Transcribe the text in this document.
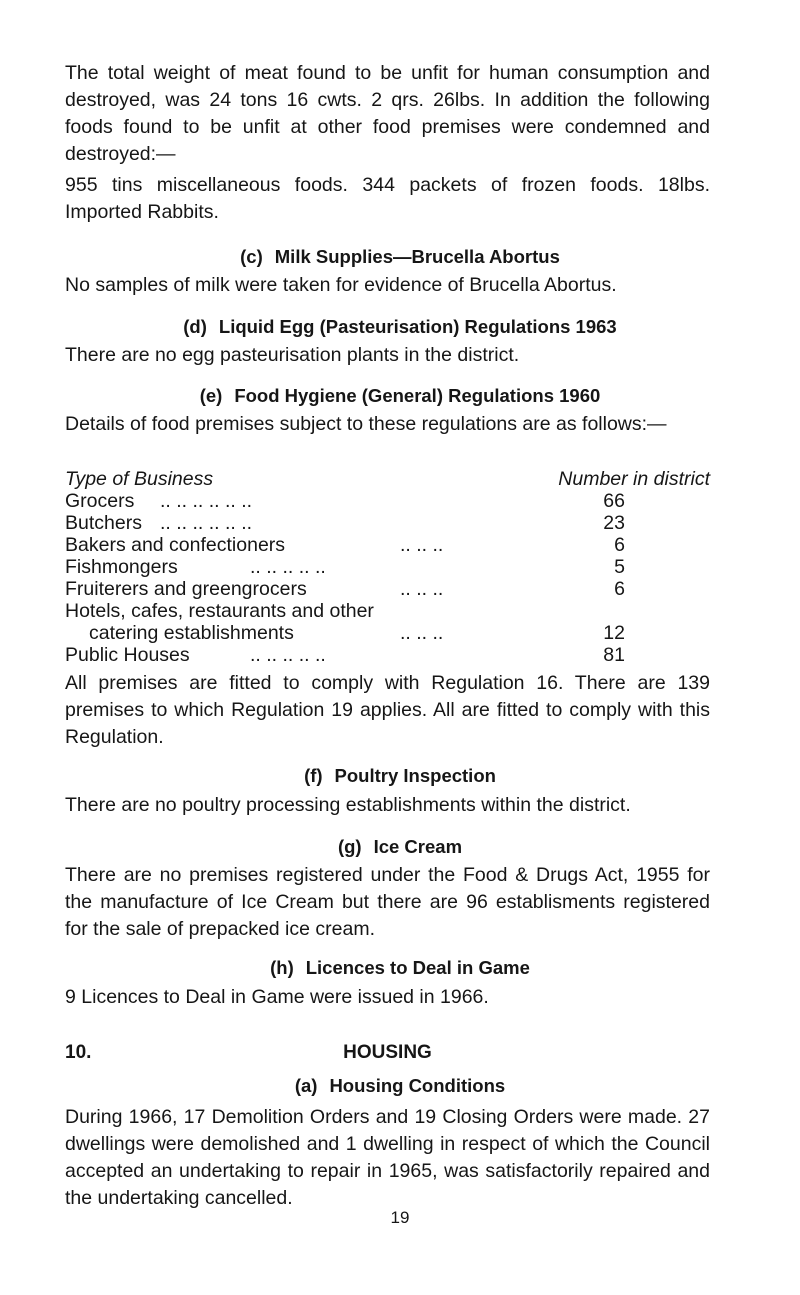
The total weight of meat found to be unfit for human consumption and destroyed, was 24 tons 16 cwts. 2 qrs. 26lbs. In addition the following foods found to be unfit at other food premises were condemned and destroyed:—

955 tins miscellaneous foods. 344 packets of frozen foods. 18lbs. Imported Rabbits.

(c) Milk Supplies—Brucella Abortus

No samples of milk were taken for evidence of Brucella Abortus.

(d) Liquid Egg (Pasteurisation) Regulations 1963

There are no egg pasteurisation plants in the district.

(e) Food Hygiene (General) Regulations 1960

Details of food premises subject to these regulations are as follows:—

Type of Business	Number in district
Grocers .. .. .. .. .. ..	66
Butchers .. .. .. .. .. ..	23
Bakers and confectioners	.. .. ..	6
Fishmongers	.. .. .. .. ..	5
Fruiterers and greengrocers	.. .. ..	6
Hotels, cafes, restaurants and other
catering establishments	.. .. ..	12
Public Houses	.. .. .. .. ..	81

All premises are fitted to comply with Regulation 16. There are 139 premises to which Regulation 19 applies. All are fitted to comply with this Regulation.

(f) Poultry Inspection

There are no poultry processing establishments within the district.

(g) Ice Cream

There are no premises registered under the Food & Drugs Act, 1955 for the manufacture of Ice Cream but there are 96 establisments registered for the sale of prepacked ice cream.

(h) Licences to Deal in Game

9 Licences to Deal in Game were issued in 1966.

10.	HOUSING
(a) Housing Conditions

During 1966, 17 Demolition Orders and 19 Closing Orders were made. 27 dwellings were demolished and 1 dwelling in respect of which the Council accepted an undertaking to repair in 1965, was satisfactorily repaired and the undertaking cancelled.

19
